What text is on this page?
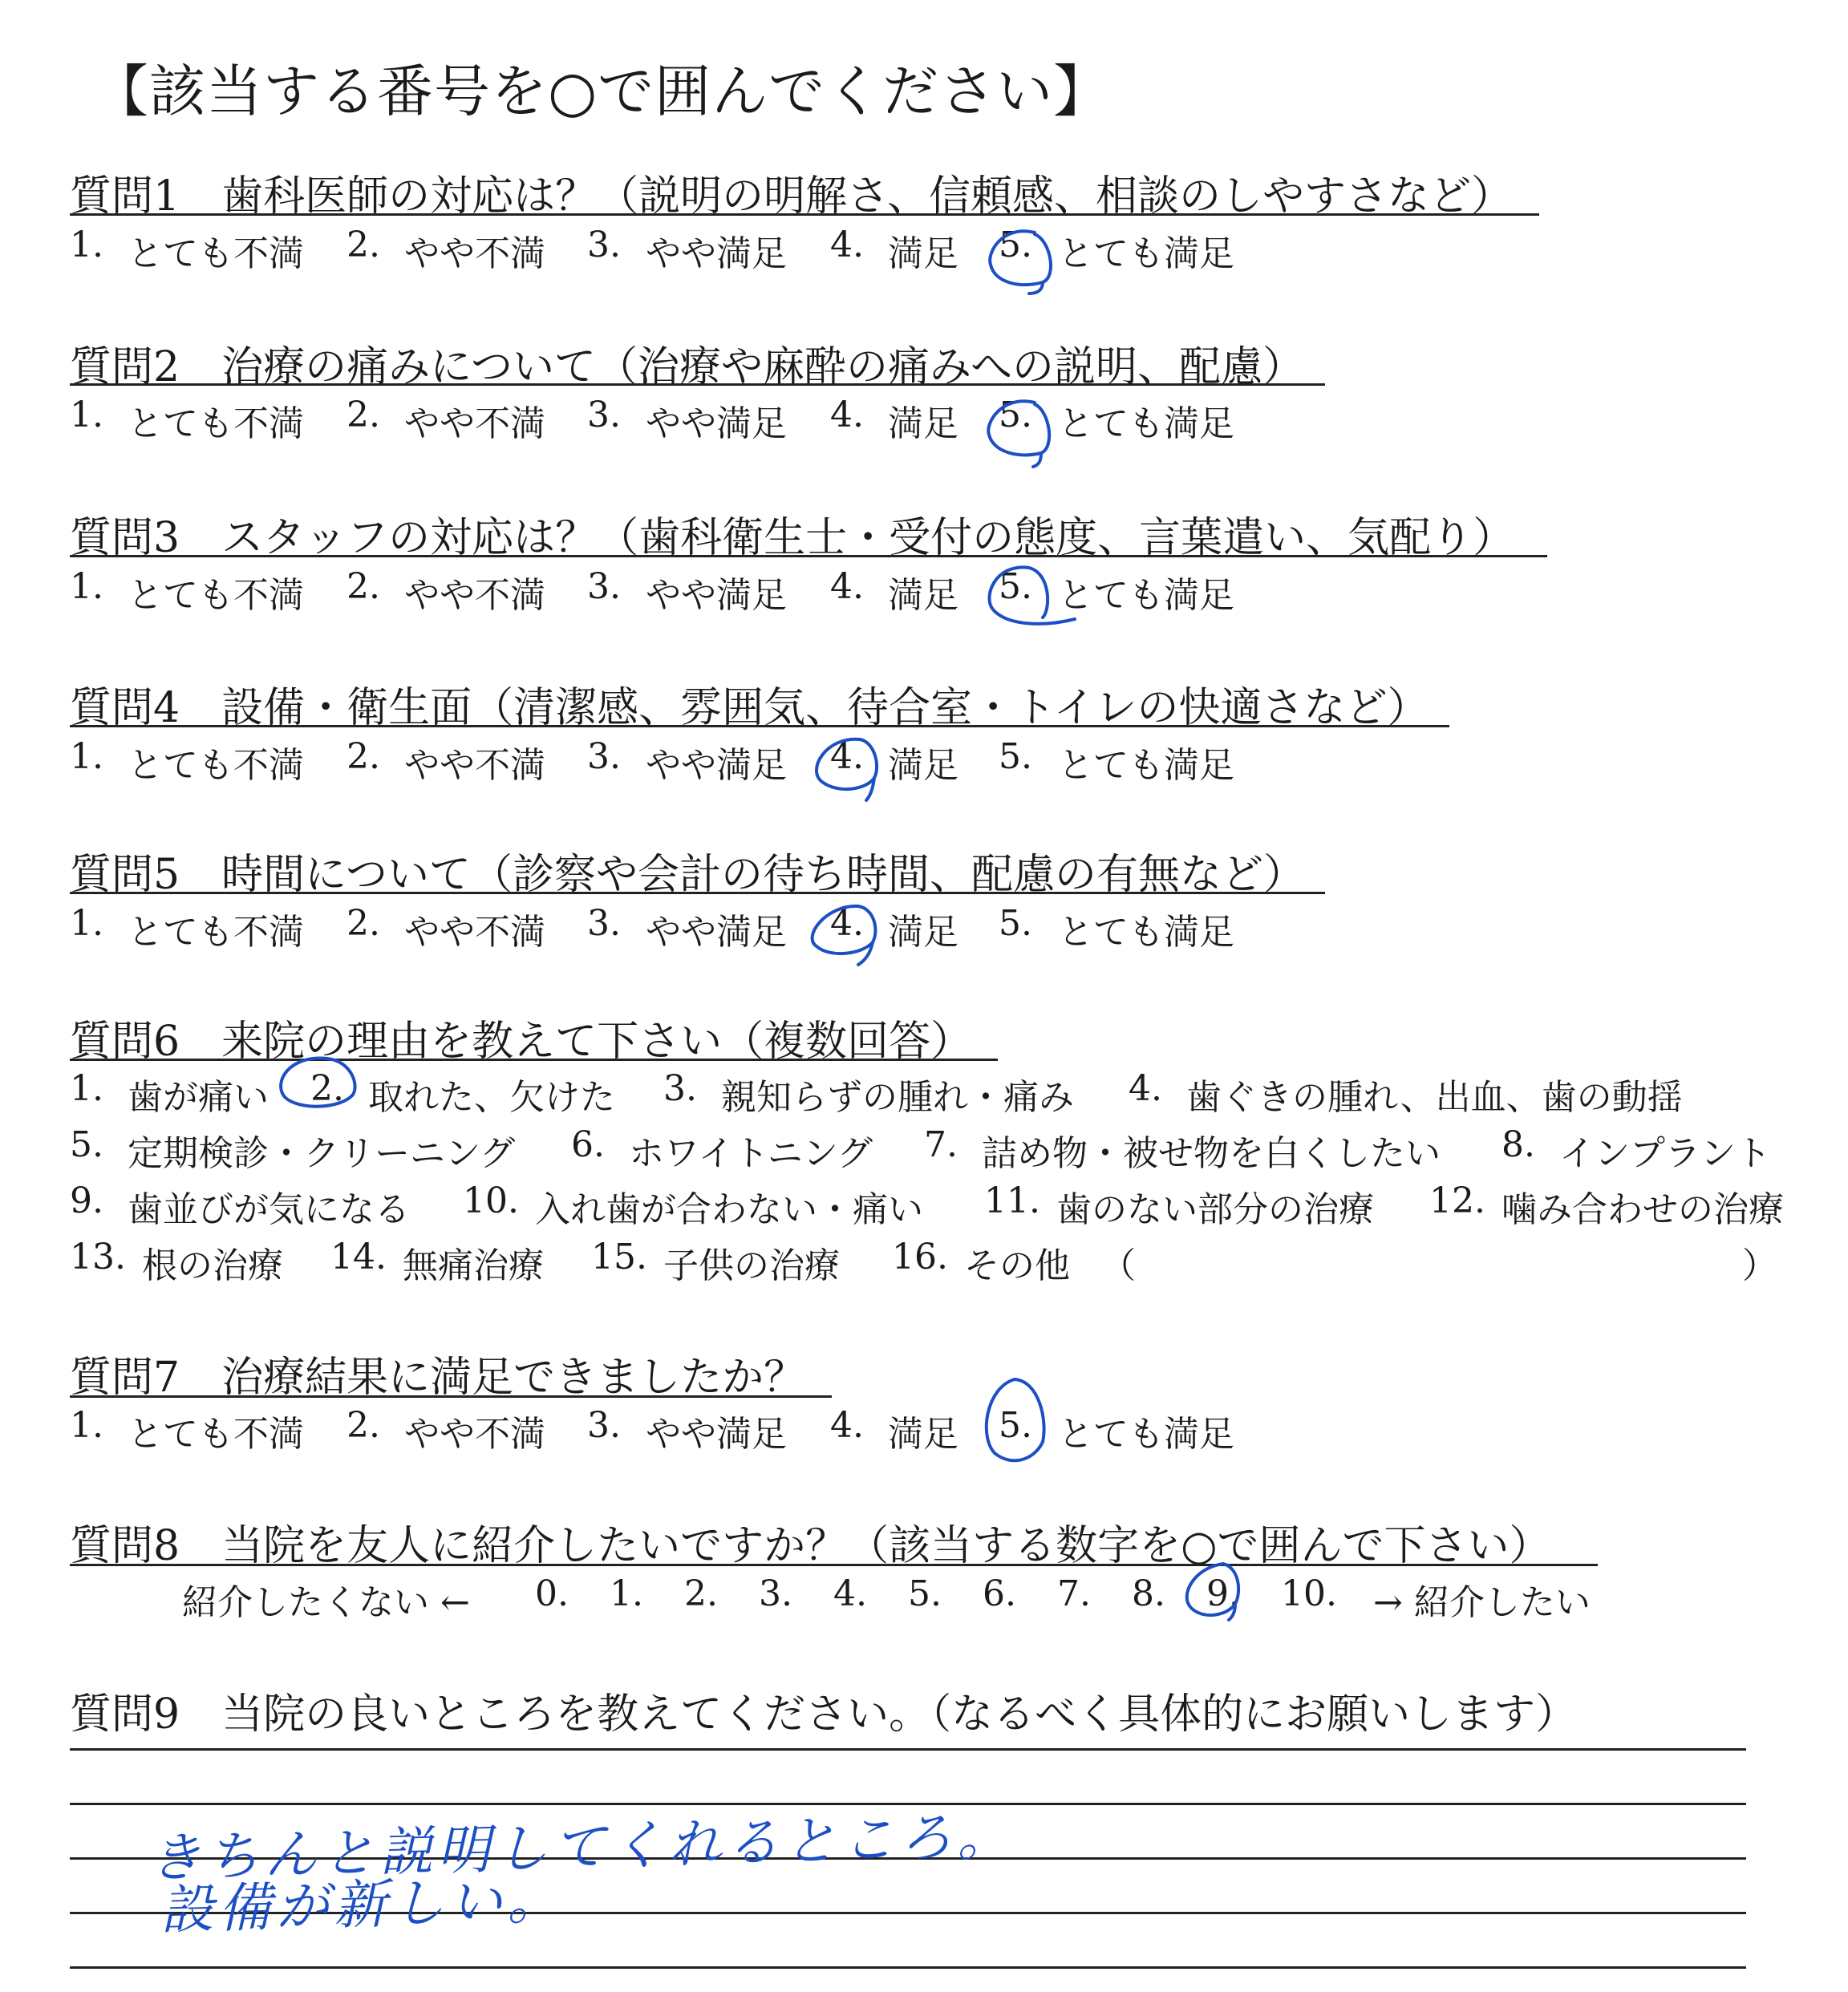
【該当する番号を○で囲んでください】
質問1　歯科医師の対応は？（説明の明解さ、信頼感、相談のしやすさなど）
1. とても不満 2. やや不満 3. やや満足 4. 満足 5. とても満足
質問2　治療の痛みについて（治療や麻酔の痛みへの説明、配慮）
1. とても不満 2. やや不満 3. やや満足 4. 満足 5. とても満足
質問3　スタッフの対応は？（歯科衛生士・受付の態度、言葉遣い、気配り）
1. とても不満 2. やや不満 3. やや満足 4. 満足 5. とても満足
質問4　設備・衛生面（清潔感、雰囲気、待合室・トイレの快適さなど）
1. とても不満 2. やや不満 3. やや満足 4. 満足 5. とても満足
質問5　時間について（診察や会計の待ち時間、配慮の有無など）
1. とても不満 2. やや不満 3. やや満足 4. 満足 5. とても満足
質問6　来院の理由を教えて下さい（複数回答）
1. 歯が痛い 2. 取れた、欠けた 3. 親知らずの腫れ・痛み 4. 歯ぐきの腫れ、出血、歯の動揺
5. 定期検診・クリーニング 6. ホワイトニング 7. 詰め物・被せ物を白くしたい 8. インプラント
9. 歯並びが気になる 10. 入れ歯が合わない・痛い 11. 歯のない部分の治療 12. 噛み合わせの治療
13. 根の治療 14. 無痛治療 15. 子供の治療 16. その他 （	）
質問7　治療結果に満足できましたか？
1. とても不満 2. やや不満 3. やや満足 4. 満足 5. とても満足
質問8　当院を友人に紹介したいですか？（該当する数字を○で囲んで下さい）
紹介したくない ← 0. 1. 2. 3. 4. 5. 6. 7. 8. 9. 10. → 紹介したい
質問9　当院の良いところを教えてください。（なるべく具体的にお願いします）
きちんと説明してくれるところ。
設備が新しい。
